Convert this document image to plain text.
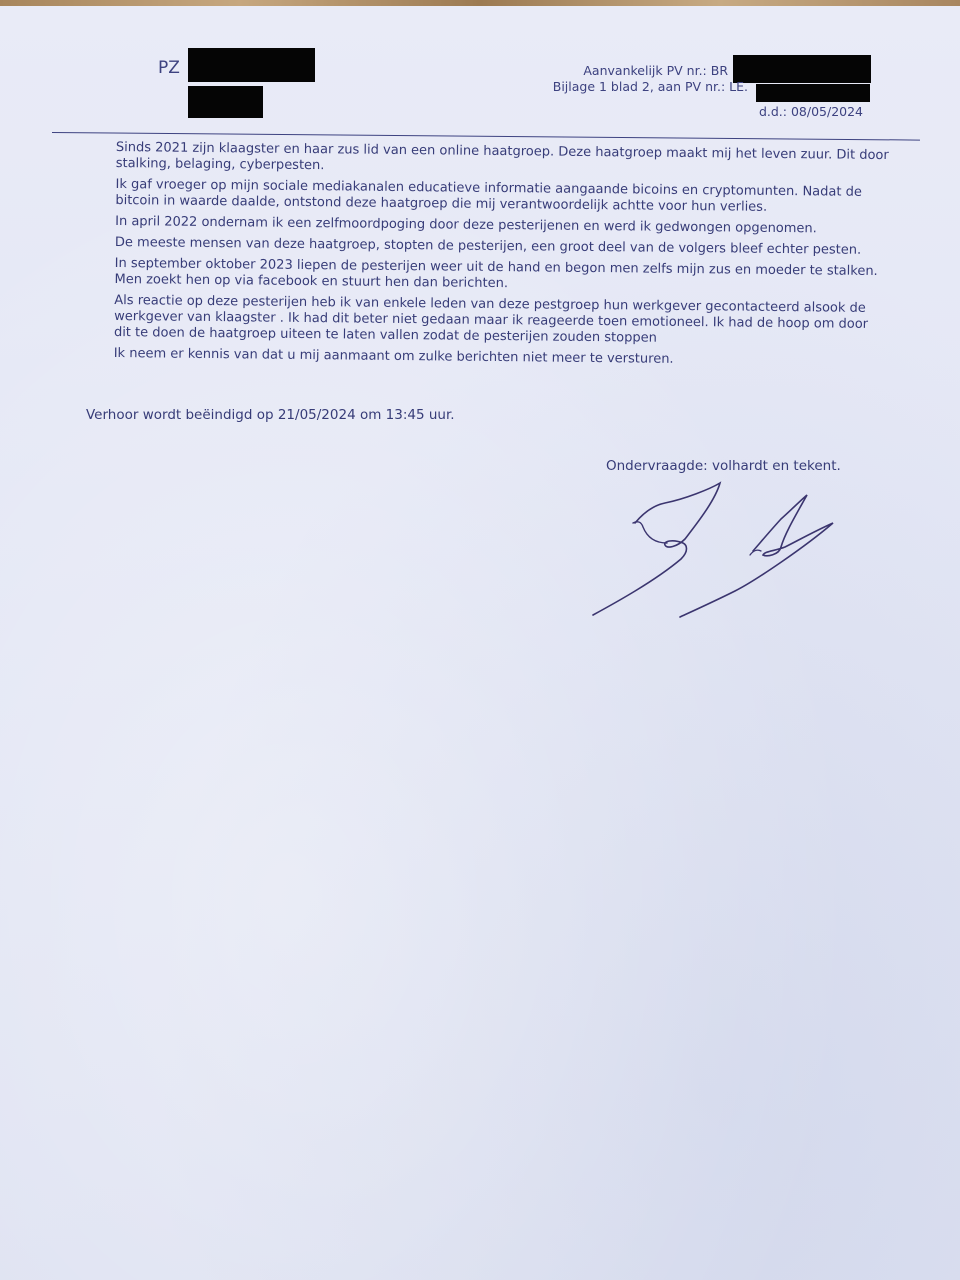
PZ	Aanvankelijk PV nr.: BR
Bijlage 1 blad 2, aan PV nr.: LE.
d.d.: 08/05/2024

Sinds 2021 zijn klaagster en haar zus lid van een online haatgroep. Deze haatgroep maakt mij het leven zuur. Dit door stalking, belaging, cyberpesten.

Ik gaf vroeger op mijn sociale mediakanalen educatieve informatie aangaande bicoins en cryptomunten. Nadat de bitcoin in waarde daalde, ontstond deze haatgroep die mij verantwoordelijk achtte voor hun verlies.

In april 2022 ondernam ik een zelfmoordpoging door deze pesterijenen en werd ik gedwongen opgenomen.

De meeste mensen van deze haatgroep, stopten de pesterijen, een groot deel van de volgers bleef echter pesten.

In september oktober 2023 liepen de pesterijen weer uit de hand en begon men zelfs mijn zus en moeder te stalken. Men zoekt hen op via facebook en stuurt hen dan berichten.

Als reactie op deze pesterijen heb ik van enkele leden van deze pestgroep hun werkgever gecontacteerd alsook de werkgever van klaagster . Ik had dit beter niet gedaan maar ik reageerde toen emotioneel. Ik had de hoop om door dit te doen de haatgroep uiteen te laten vallen zodat de pesterijen zouden stoppen

Ik neem er kennis van dat u mij aanmaant om zulke berichten niet meer te versturen.

Verhoor wordt beëindigd op 21/05/2024 om 13:45 uur.
Ondervraagde: volhardt en tekent.
